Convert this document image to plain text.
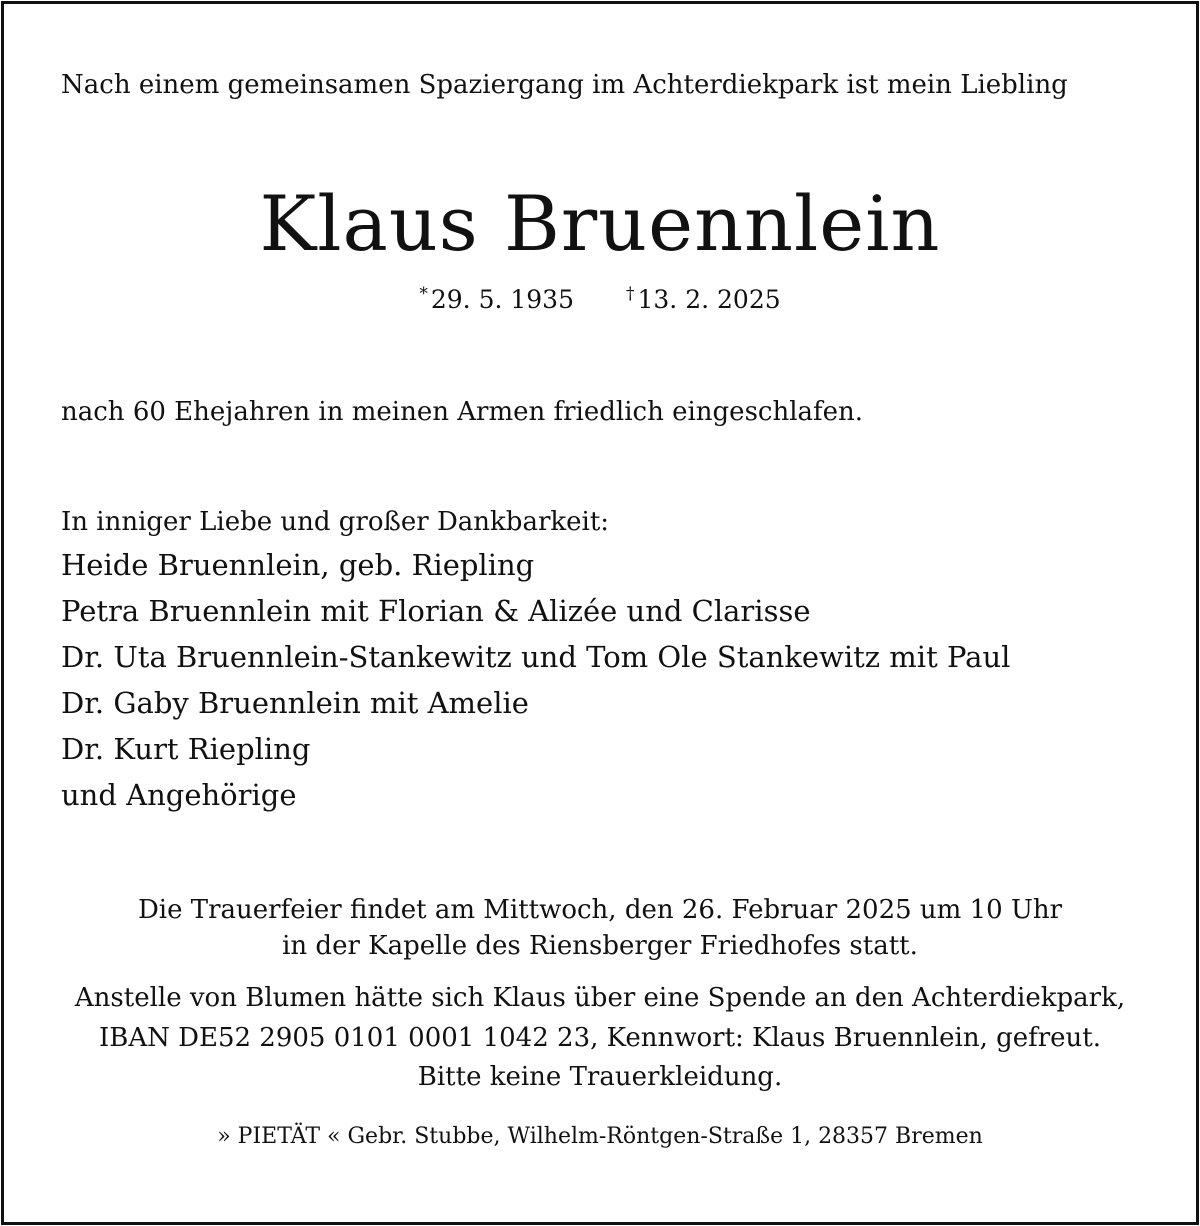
Nach einem gemeinsamen Spaziergang im Achterdiekpark ist mein Liebling

Klaus Bruennlein

* 29. 5. 1935	† 13. 2. 2025

nach 60 Ehejahren in meinen Armen friedlich eingeschlafen.

In inniger Liebe und großer Dankbarkeit:

Heide Bruennlein, geb. Riepling

Petra Bruennlein mit Florian & Alizée und Clarisse

Dr. Uta Bruennlein-Stankewitz und Tom Ole Stankewitz mit Paul

Dr. Gaby Bruennlein mit Amelie

Dr. Kurt Riepling

und Angehörige

Die Trauerfeier findet am Mittwoch, den 26. Februar 2025 um 10 Uhr

in der Kapelle des Riensberger Friedhofes statt.

Anstelle von Blumen hätte sich Klaus über eine Spende an den Achterdiekpark,

IBAN DE52 2905 0101 0001 1042 23, Kennwort: Klaus Bruennlein, gefreut.

Bitte keine Trauerkleidung.

» PIETÄT « Gebr. Stubbe, Wilhelm-Röntgen-Straße 1, 28357 Bremen
